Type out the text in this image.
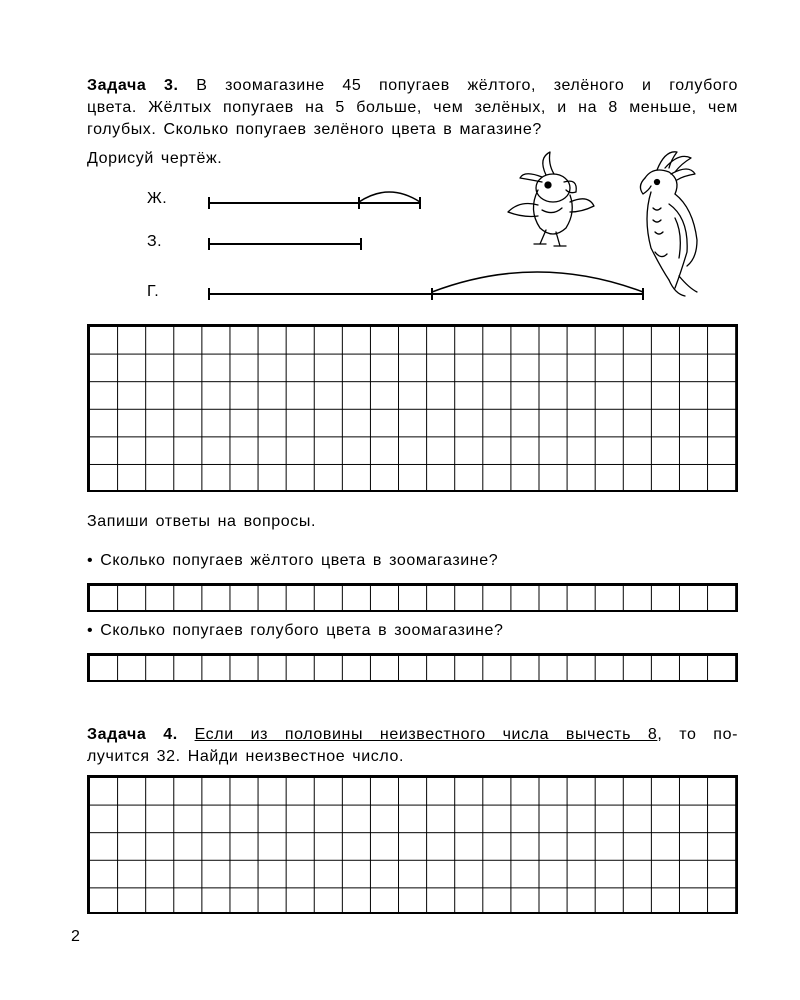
Задача 3. В зоомагазине 45 попугаев жёлтого, зелёного и голубого
цвета. Жёлтых попугаев на 5 больше, чем зелёных, и на 8 меньше, чем голубых. Сколько попугаев зелёного цвета в магазине?
Дорисуй чертёж.
Ж.
З.
Г.
Запиши ответы на вопросы.
• Сколько попугаев жёлтого цвета в зоомагазине?
• Сколько попугаев голубого цвета в зоомагазине?
Задача 4. Если из половины неизвестного числа вычесть 8, то по-
лучится 32. Найди неизвестное число.
2
